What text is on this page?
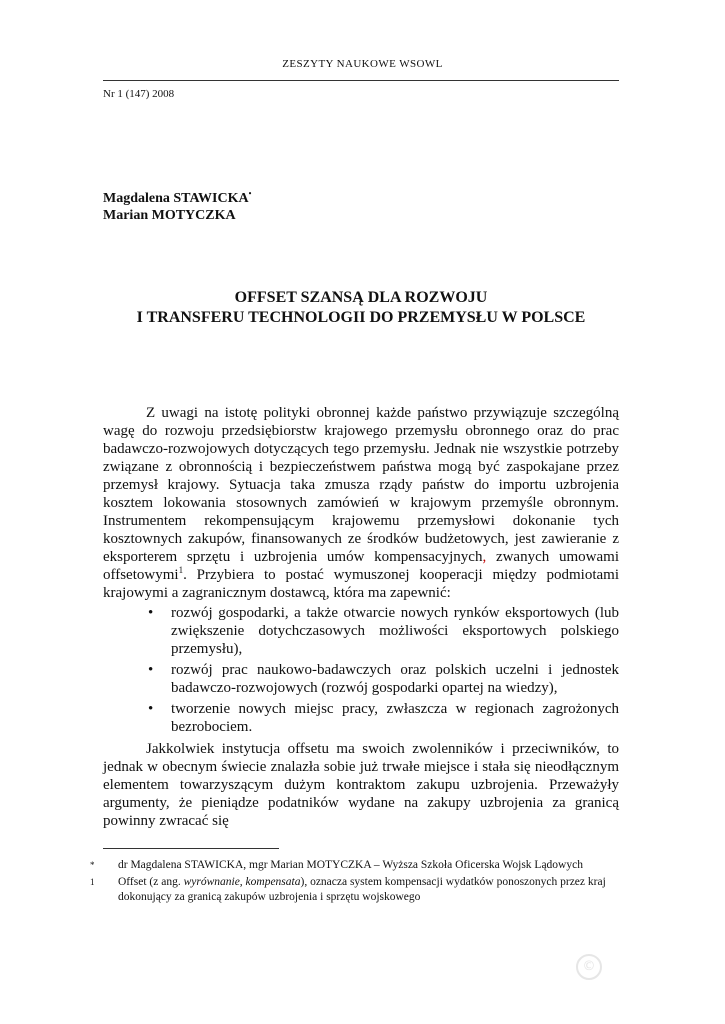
ZESZYTY NAUKOWE WSOWL
Nr 1 (147) 2008
Magdalena STAWICKA•
Marian MOTYCZKA
OFFSET SZANSĄ DLA ROZWOJU
I TRANSFERU TECHNOLOGII DO PRZEMYSŁU W POLSCE

Z uwagi na istotę polityki obronnej każde państwo przywiązuje szczególną wagę do rozwoju przedsiębiorstw krajowego przemysłu obronnego oraz do prac badawczo-rozwojowych dotyczących tego przemysłu. Jednak nie wszystkie potrzeby związane z obronnością i bezpieczeństwem państwa mogą być zaspokajane przez przemysł krajowy. Sytuacja taka zmusza rządy państw do importu uzbrojenia kosztem lokowania stosownych zamówień w krajowym przemyśle obronnym. Instrumentem rekompensującym krajowemu przemysłowi dokonanie tych kosztownych zakupów, finansowanych ze środków budżetowych, jest zawieranie z eksporterem sprzętu i uzbrojenia umów kompensacyjnych, zwanych umowami offsetowymi$^1$. Przybiera to postać wymuszonej kooperacji między podmiotami krajowymi a zagranicznym dostawcą, która ma zapewnić:

• rozwój gospodarki, a także otwarcie nowych rynków eksportowych (lub zwiększenie dotychczasowych możliwości eksportowych polskiego przemysłu),
• rozwój prac naukowo-badawczych oraz polskich uczelni i jednostek badawczo-rozwojowych (rozwój gospodarki opartej na wiedzy),
• tworzenie nowych miejsc pracy, zwłaszcza w regionach zagrożonych bezrobociem.

Jakkolwiek instytucja offsetu ma swoich zwolenników i przeciwników, to jednak w obecnym świecie znalazła sobie już trwałe miejsce i stała się nieodłącznym elementem towarzyszącym dużym kontraktom zakupu uzbrojenia. Przeważyły argumenty, że pieniądze podatników wydane na zakupy uzbrojenia za granicą powinny zwracać się

* dr Magdalena STAWICKA, mgr Marian MOTYCZKA – Wyższa Szkoła Oficerska Wojsk Lądowych
1 Offset (z ang. wyrównanie, kompensata), oznacza system kompensacji wydatków ponoszonych przez kraj dokonujący za granicą zakupów uzbrojenia i sprzętu wojskowego
©
